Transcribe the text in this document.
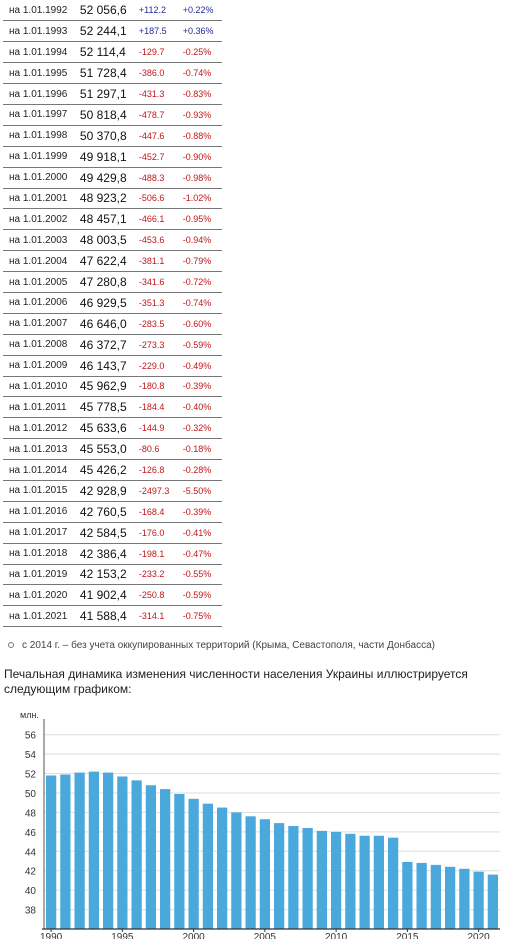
на 1.01.1992	52 056,6	+112.2	+0.22%
на 1.01.1993	52 244,1	+187.5	+0.36%
на 1.01.1994	52 114,4	-129.7	-0.25%
на 1.01.1995	51 728,4	-386.0	-0.74%
на 1.01.1996	51 297,1	-431.3	-0.83%
на 1.01.1997	50 818,4	-478.7	-0.93%
на 1.01.1998	50 370,8	-447.6	-0.88%
на 1.01.1999	49 918,1	-452.7	-0.90%
на 1.01.2000	49 429,8	-488.3	-0.98%
на 1.01.2001	48 923,2	-506.6	-1.02%
на 1.01.2002	48 457,1	-466.1	-0.95%
на 1.01.2003	48 003,5	-453.6	-0.94%
на 1.01.2004	47 622,4	-381.1	-0.79%
на 1.01.2005	47 280,8	-341.6	-0.72%
на 1.01.2006	46 929,5	-351.3	-0.74%
на 1.01.2007	46 646,0	-283.5	-0.60%
на 1.01.2008	46 372,7	-273.3	-0.59%
на 1.01.2009	46 143,7	-229.0	-0.49%
на 1.01.2010	45 962,9	-180.8	-0.39%
на 1.01.2011	45 778,5	-184.4	-0.40%
на 1.01.2012	45 633,6	-144.9	-0.32%
на 1.01.2013	45 553,0	-80.6	-0.18%
на 1.01.2014	45 426,2	-126.8	-0.28%
на 1.01.2015	42 928,9	-2497.3	-5.50%
на 1.01.2016	42 760,5	-168.4	-0.39%
на 1.01.2017	42 584,5	-176.0	-0.41%
на 1.01.2018	42 386,4	-198.1	-0.47%
на 1.01.2019	42 153,2	-233.2	-0.55%
на 1.01.2020	41 902,4	-250.8	-0.59%
на 1.01.2021	41 588,4	-314.1	-0.75%
с 2014 г. – без учета оккупированных территорий (Крыма, Севастополя, части Донбасса)
Печальная динамика изменения численности населения Украины иллюстрируется следующим графиком:
38
40
42
44
46
48
50
52
54
56
млн.
1990	1995	2000	2005	2010	2015	2020
